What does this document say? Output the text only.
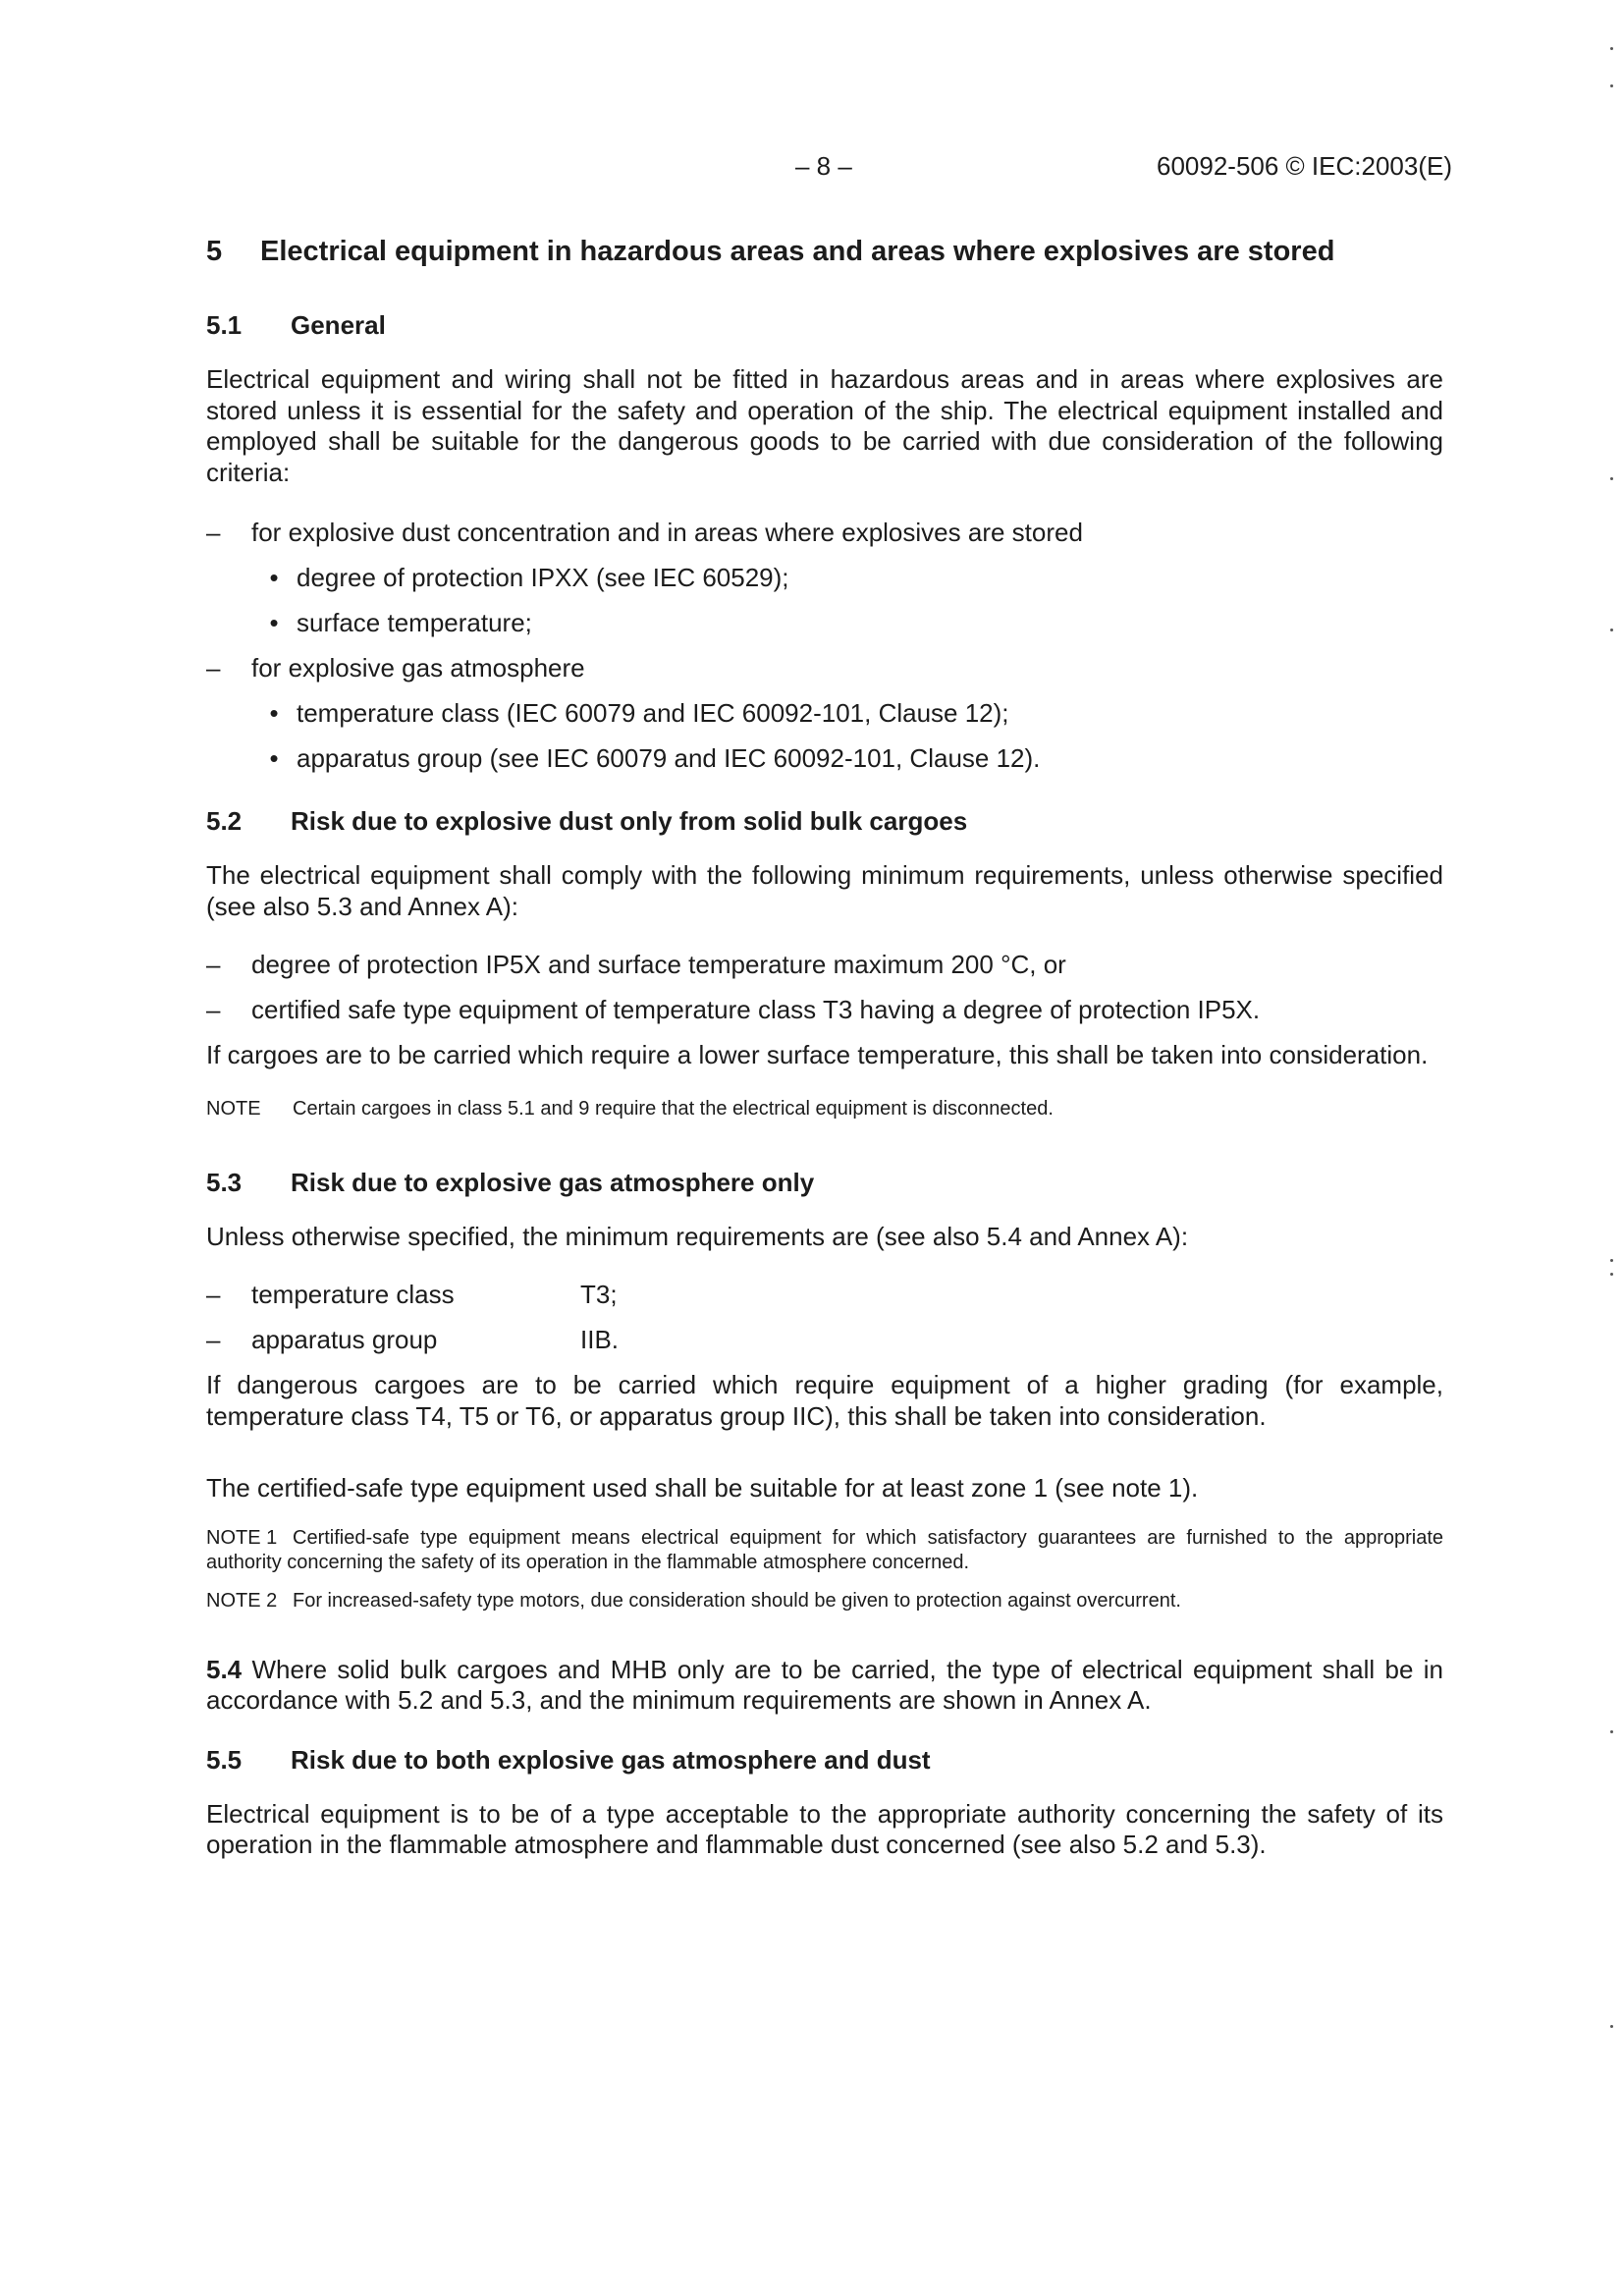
– 8 –	60092-506 © IEC:2003(E)
5	Electrical equipment in hazardous areas and areas where explosives are stored
5.1	General

Electrical equipment and wiring shall not be fitted in hazardous areas and in areas where explosives are stored unless it is essential for the safety and operation of the ship. The electrical equipment installed and employed shall be suitable for the dangerous goods to be carried with due consideration of the following criteria:

–	for explosive dust concentration and in areas where explosives are stored
• degree of protection IPXX (see IEC 60529);
• surface temperature;
–	for explosive gas atmosphere
• temperature class (IEC 60079 and IEC 60092-101, Clause 12);
• apparatus group (see IEC 60079 and IEC 60092-101, Clause 12).
5.2	Risk due to explosive dust only from solid bulk cargoes

The electrical equipment shall comply with the following minimum requirements, unless otherwise specified (see also 5.3 and Annex A):

–	degree of protection IP5X and surface temperature maximum 200 °C, or
–	certified safe type equipment of temperature class T3 having a degree of protection IP5X.

If cargoes are to be carried which require a lower surface temperature, this shall be taken into consideration.

NOTE	Certain cargoes in class 5.1 and 9 require that the electrical equipment is disconnected.
5.3	Risk due to explosive gas atmosphere only

Unless otherwise specified, the minimum requirements are (see also 5.4 and Annex A):

–	temperature class	T3;
–	apparatus group	IIB.

If dangerous cargoes are to be carried which require equipment of a higher grading (for example, temperature class T4, T5 or T6, or apparatus group IIC), this shall be taken into consideration.

The certified-safe type equipment used shall be suitable for at least zone 1 (see note 1).

NOTE 1 Certified-safe type equipment means electrical equipment for which satisfactory guarantees are furnished to the appropriate authority concerning the safety of its operation in the flammable atmosphere concerned.
NOTE 2 For increased-safety type motors, due consideration should be given to protection against overcurrent.

5.4 Where solid bulk cargoes and MHB only are to be carried, the type of electrical equipment shall be in accordance with 5.2 and 5.3, and the minimum requirements are shown in Annex A.

5.5	Risk due to both explosive gas atmosphere and dust

Electrical equipment is to be of a type acceptable to the appropriate authority concerning the safety of its operation in the flammable atmosphere and flammable dust concerned (see also 5.2 and 5.3).
